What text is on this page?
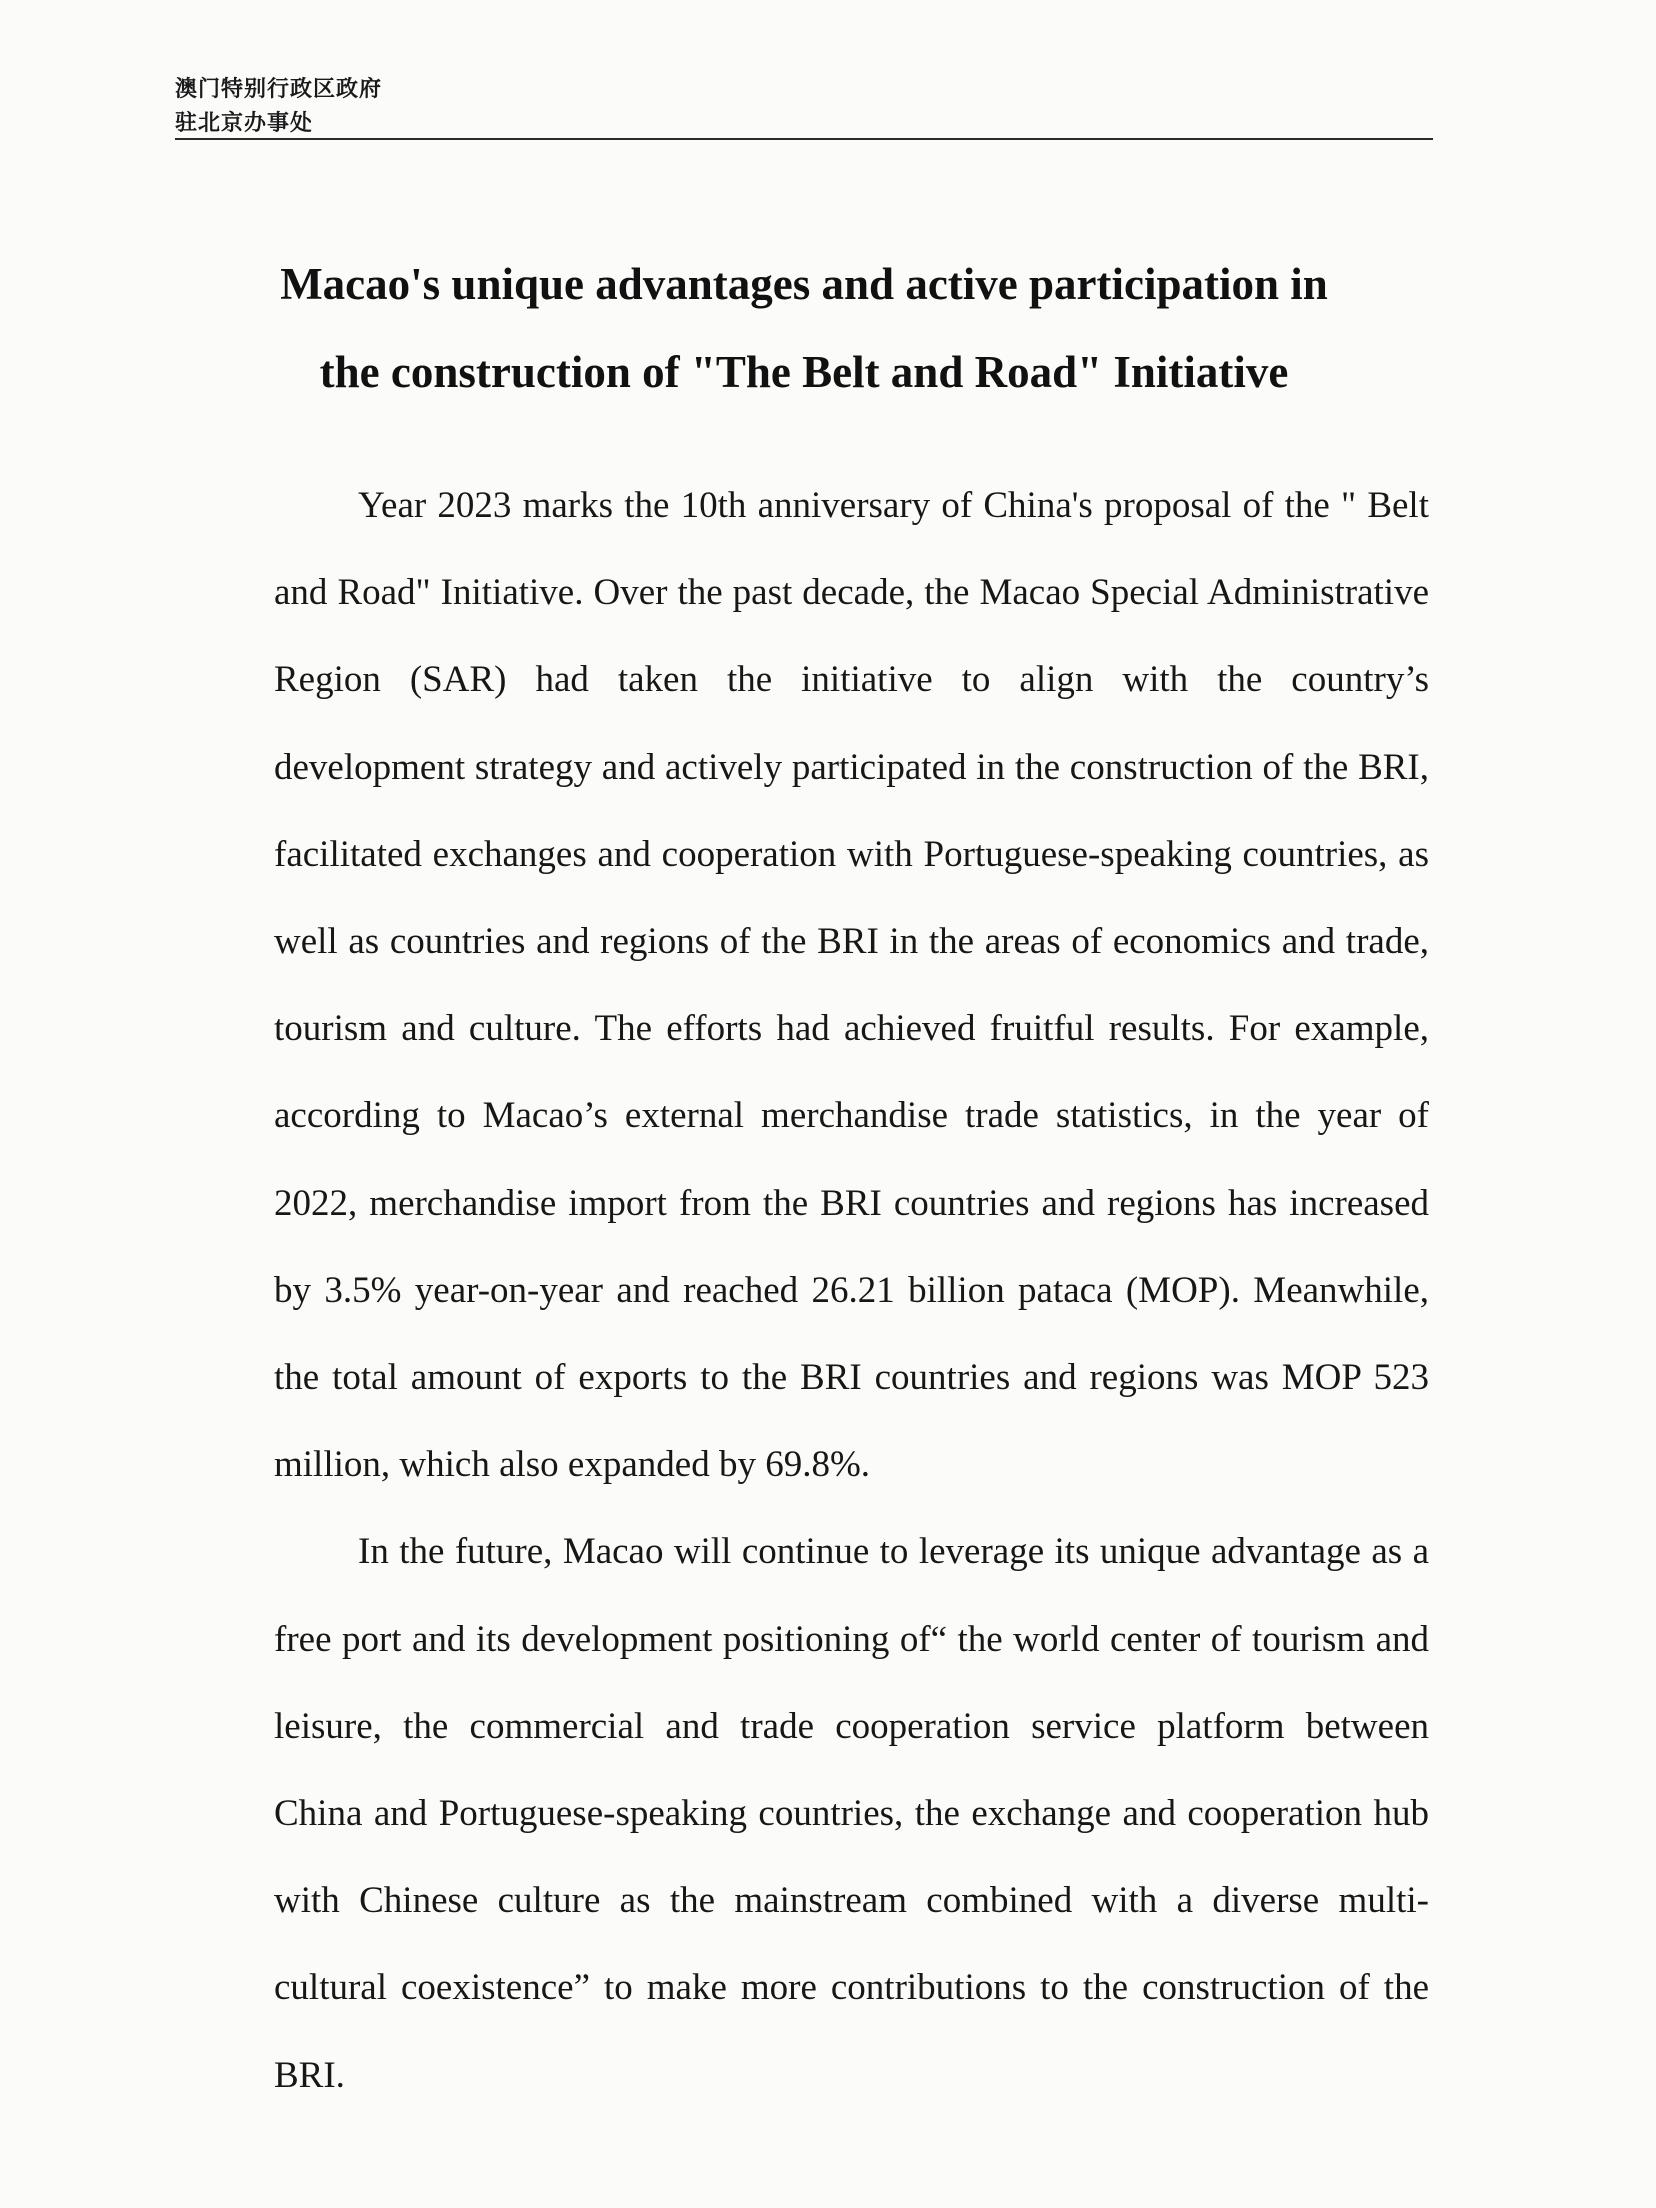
澳门特别行政区政府
驻北京办事处
Macao's unique advantages and active participation in
the construction of "The Belt and Road" Initiative

Year 2023 marks the 10th anniversary of China's proposal of the " Belt and Road" Initiative. Over the past decade, the Macao Special Administrative Region (SAR) had taken the initiative to align with the country’s development strategy and actively participated in the construction of the BRI, facilitated exchanges and cooperation with Portuguese-speaking countries, as well as countries and regions of the BRI in the areas of economics and trade, tourism and culture. The efforts had achieved fruitful results. For example, according to Macao’s external merchandise trade statistics, in the year of 2022, merchandise import from the BRI countries and regions has increased by 3.5% year-on-year and reached 26.21 billion pataca (MOP). Meanwhile, the total amount of exports to the BRI countries and regions was MOP 523 million, which also expanded by 69.8%.

In the future, Macao will continue to leverage its unique advantage as a free port and its development positioning of“ the world center of tourism and leisure, the commercial and trade cooperation service platform between China and Portuguese-speaking countries, the exchange and cooperation hub with Chinese culture as the mainstream combined with a diverse multi-cultural coexistence” to make more contributions to the construction of the BRI.
